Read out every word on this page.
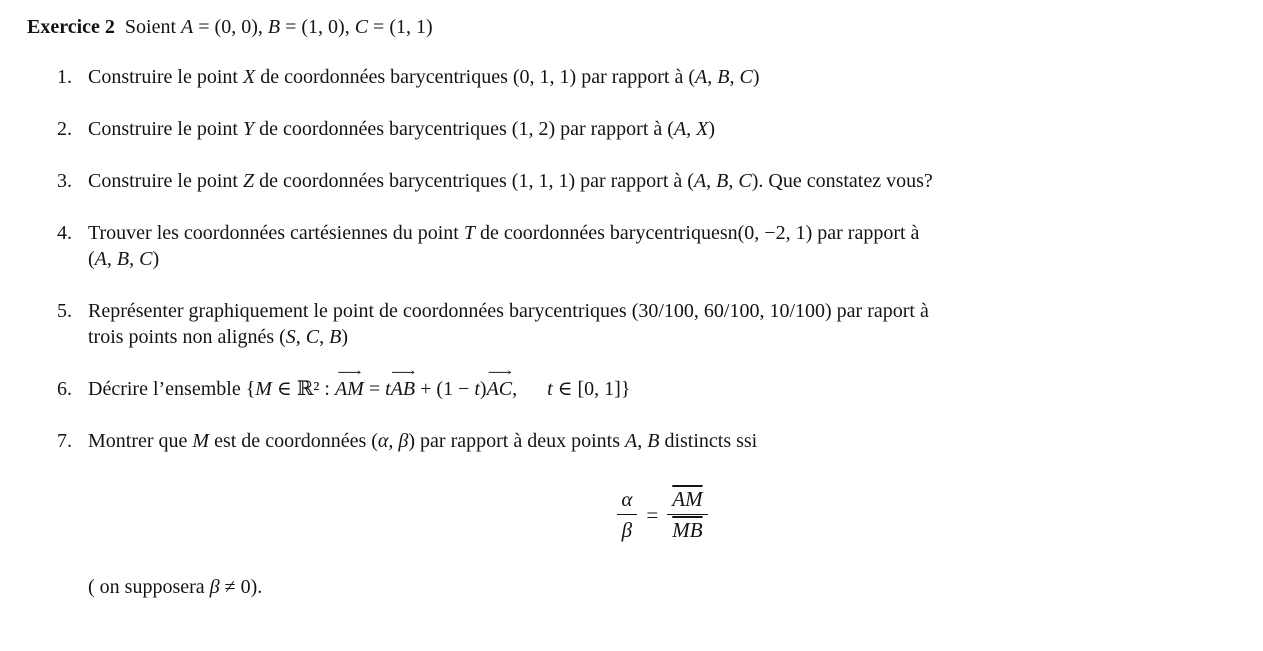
Exercice 2 Soient A = (0, 0), B = (1, 0), C = (1, 1)
1. Construire le point X de coordonnées barycentriques (0, 1, 1) par rapport à (A, B, C)
2. Construire le point Y de coordonnées barycentriques (1, 2) par rapport à (A, X)
3. Construire le point Z de coordonnées barycentriques (1, 1, 1) par rapport à (A, B, C). Que constatez vous?
4. Trouver les coordonnées cartésiennes du point T de coordonnées barycentriquesn(0, −2, 1) par rapport à
(A, B, C)
5. Représenter graphiquement le point de coordonnées barycentriques (30/100, 60/100, 10/100) par raport à
trois points non alignés (S, C, B)
6. Décrire l’ensemble {M ∈ ℝ² :
⟶
AM = t
⟶
AB + (1 − t)
⟶
AC,  t ∈ [0, 1]}
7. Montrer que M est de coordonnées (α, β) par rapport à deux points A, B distincts ssi
$\frac{\alpha}{\beta} = \frac{\overline{AM}}{MB}$
( on supposera β ≠ 0).
